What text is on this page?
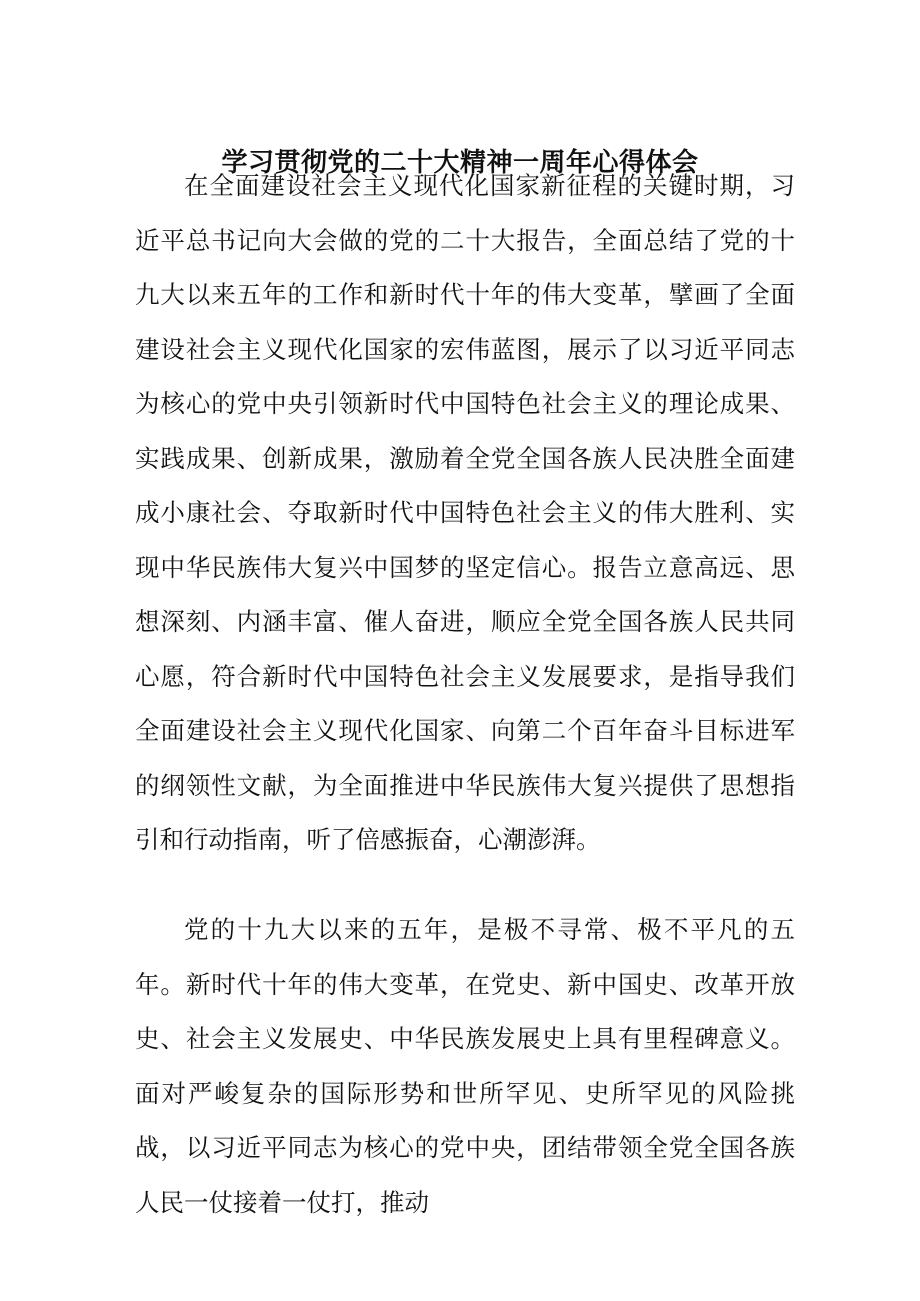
学习贯彻党的二十大精神一周年心得体会

在全面建设社会主义现代化国家新征程的关键时期，习近平总书记向大会做的党的二十大报告，全面总结了党的十九大以来五年的工作和新时代十年的伟大变革，擘画了全面建设社会主义现代化国家的宏伟蓝图，展示了以习近平同志为核心的党中央引领新时代中国特色社会主义的理论成果、实践成果、创新成果，激励着全党全国各族人民决胜全面建成小康社会、夺取新时代中国特色社会主义的伟大胜利、实现中华民族伟大复兴中国梦的坚定信心。报告立意高远、思想深刻、内涵丰富、催人奋进，顺应全党全国各族人民共同心愿，符合新时代中国特色社会主义发展要求，是指导我们全面建设社会主义现代化国家、向第二个百年奋斗目标进军的纲领性文献，为全面推进中华民族伟大复兴提供了思想指引和行动指南，听了倍感振奋，心潮澎湃。

党的十九大以来的五年，是极不寻常、极不平凡的五年。新时代十年的伟大变革，在党史、新中国史、改革开放史、社会主义发展史、中华民族发展史上具有里程碑意义。面对严峻复杂的国际形势和世所罕见、史所罕见的风险挑战，以习近平同志为核心的党中央，团结带领全党全国各族人民一仗接着一仗打，推动
